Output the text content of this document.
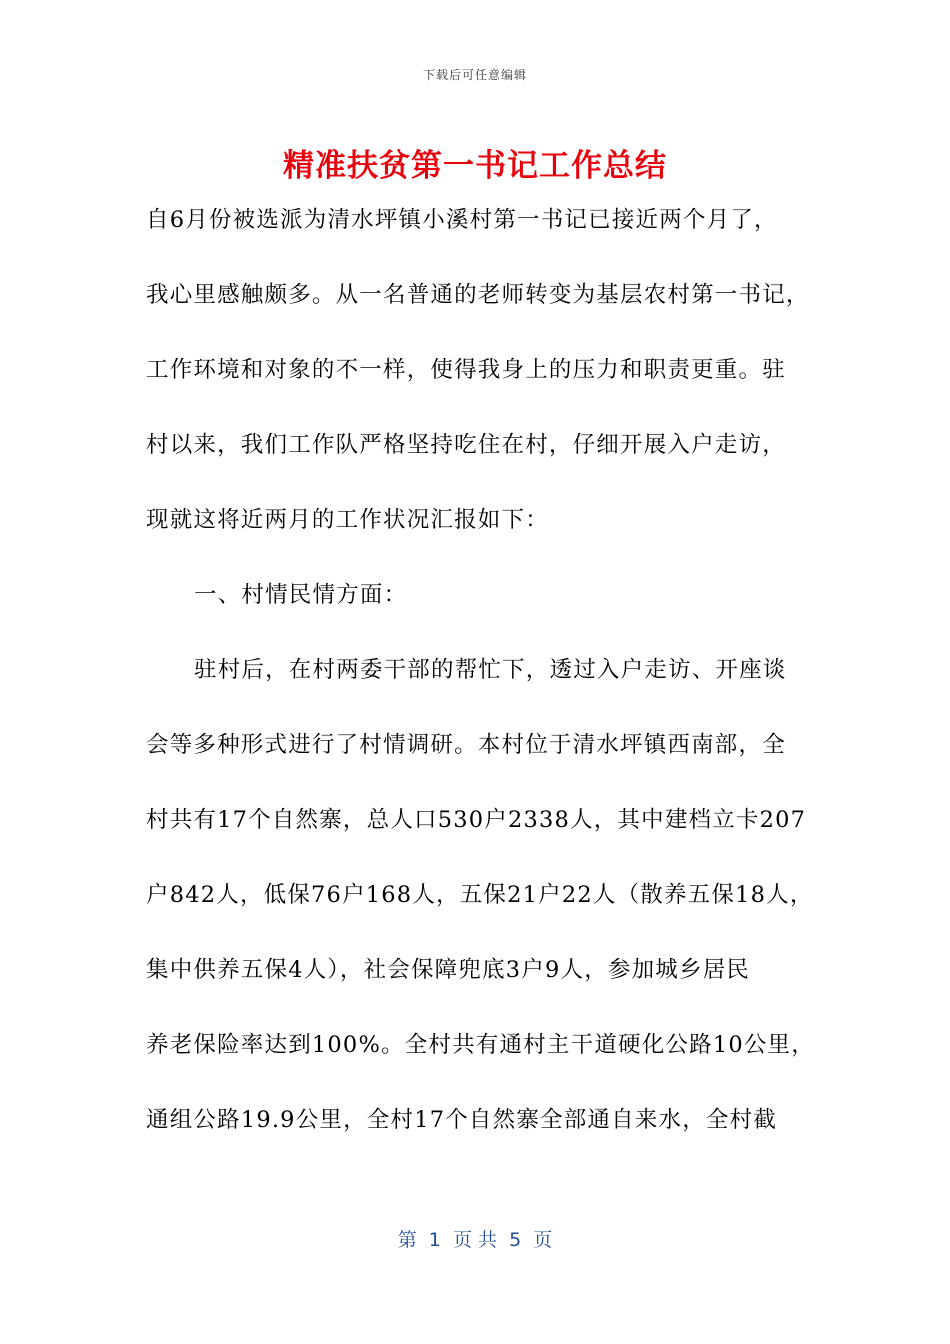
下载后可任意编辑
精准扶贫第一书记工作总结
自6月份被选派为清水坪镇小溪村第一书记已接近两个月了，
我心里感触颇多。从一名普通的老师转变为基层农村第一书记，
工作环境和对象的不一样，使得我身上的压力和职责更重。驻
村以来，我们工作队严格坚持吃住在村，仔细开展入户走访，
现就这将近两月的工作状况汇报如下：
一、村情民情方面：
驻村后，在村两委干部的帮忙下，透过入户走访、开座谈
会等多种形式进行了村情调研。本村位于清水坪镇西南部，全
村共有17个自然寨，总人口530户2338人，其中建档立卡207
户842人，低保76户168人，五保21户22人（散养五保18人，
集中供养五保4人），社会保障兜底3户9人，参加城乡居民
养老保险率达到100%。全村共有通村主干道硬化公路10公里，
通组公路19.9公里，全村17个自然寨全部通自来水，全村截
第  1  页 共  5  页
